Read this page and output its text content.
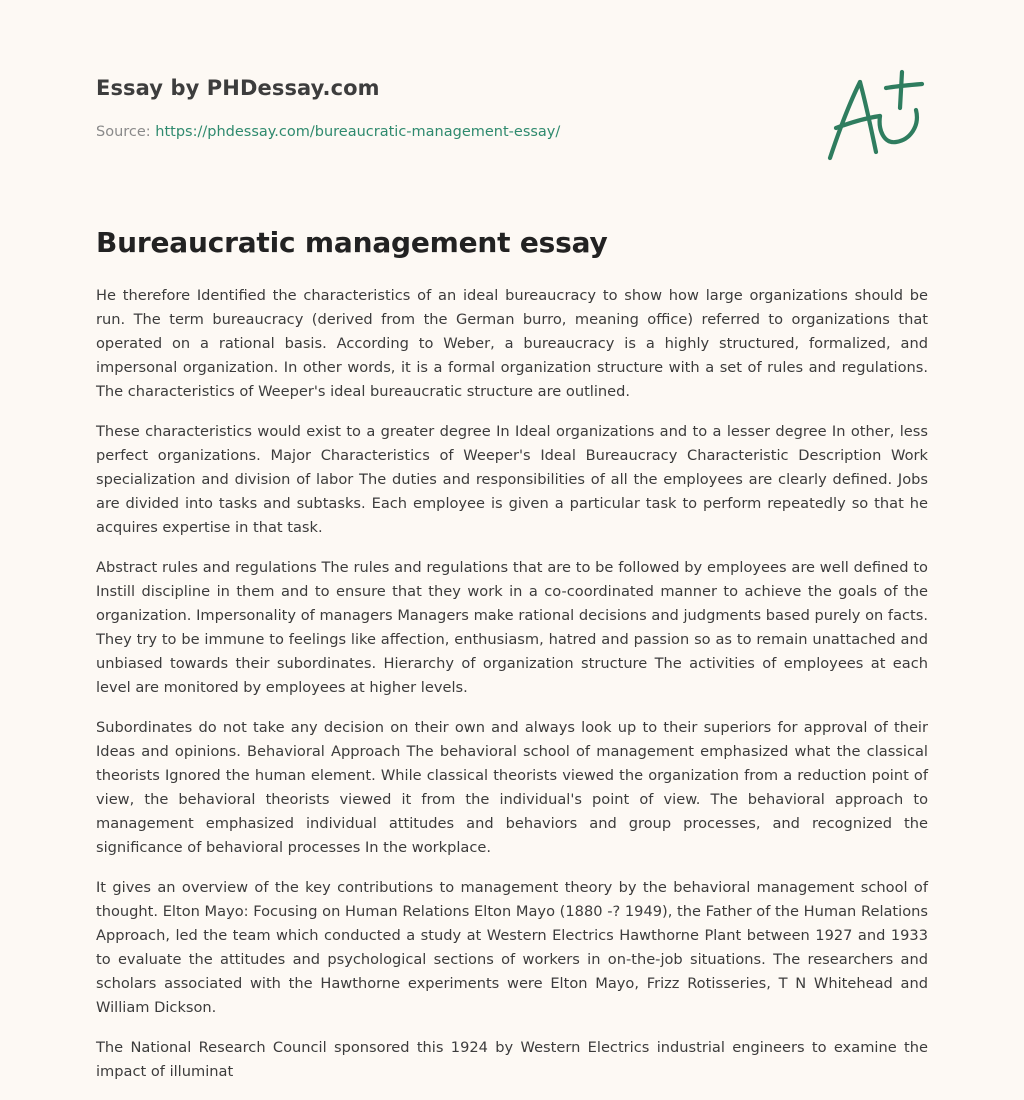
Essay by PHDessay.com
Source: https://phdessay.com/bureaucratic-management-essay/
Bureaucratic management essay

He therefore Identified the characteristics of an ideal bureaucracy to show how large organizations should be run. The term bureaucracy (derived from the German burro, meaning office) referred to organizations that operated on a rational basis. According to Weber, a bureaucracy is a highly structured, formalized, and impersonal organization. In other words, it is a formal organization structure with a set of rules and regulations. The characteristics of Weeper's ideal bureaucratic structure are outlined.

These characteristics would exist to a greater degree In Ideal organizations and to a lesser degree In other, less perfect organizations. Major Characteristics of Weeper's Ideal Bureaucracy Characteristic Description Work specialization and division of labor The duties and responsibilities of all the employees are clearly defined. Jobs are divided into tasks and subtasks. Each employee is given a particular task to perform repeatedly so that he acquires expertise in that task.

Abstract rules and regulations The rules and regulations that are to be followed by employees are well defined to Instill discipline in them and to ensure that they work in a co-coordinated manner to achieve the goals of the organization. Impersonality of managers Managers make rational decisions and judgments based purely on facts. They try to be immune to feelings like affection, enthusiasm, hatred and passion so as to remain unattached and unbiased towards their subordinates. Hierarchy of organization structure The activities of employees at each level are monitored by employees at higher levels.

Subordinates do not take any decision on their own and always look up to their superiors for approval of their Ideas and opinions. Behavioral Approach The behavioral school of management emphasized what the classical theorists Ignored the human element. While classical theorists viewed the organization from a reduction point of view, the behavioral theorists viewed it from the individual's point of view. The behavioral approach to management emphasized individual attitudes and behaviors and group processes, and recognized the significance of behavioral processes In the workplace.

It gives an overview of the key contributions to management theory by the behavioral management school of thought. Elton Mayo: Focusing on Human Relations Elton Mayo (1880 -? 1949), the Father of the Human Relations Approach, led the team which conducted a study at Western Electrics Hawthorne Plant between 1927 and 1933 to evaluate the attitudes and psychological sections of workers in on-the-job situations. The researchers and scholars associated with the Hawthorne experiments were Elton Mayo, Frizz Rotisseries, T N Whitehead and William Dickson.

The National Research Council sponsored this 1924 by Western Electrics industrial engineers to examine the impact of illuminat
